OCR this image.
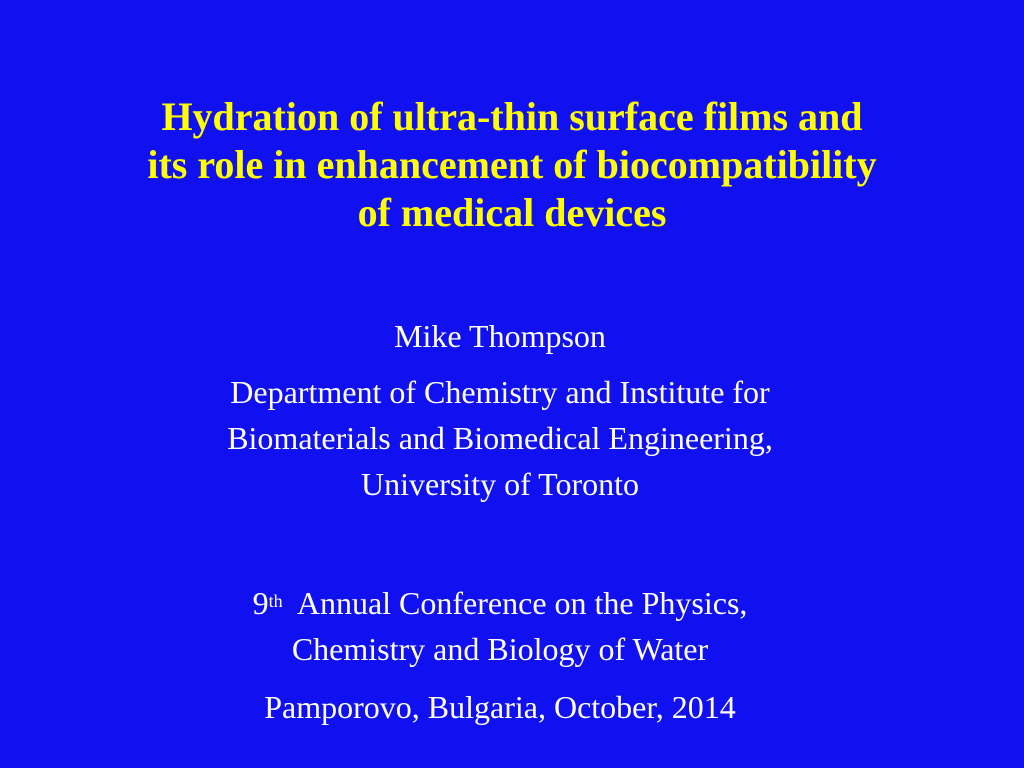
Hydration of ultra-thin surface films and
its role in enhancement of biocompatibility
of medical devices

Mike Thompson

Department of Chemistry and Institute for
Biomaterials and Biomedical Engineering,
University of Toronto

9th Annual Conference on the Physics,
Chemistry and Biology of Water

Pamporovo, Bulgaria, October, 2014
